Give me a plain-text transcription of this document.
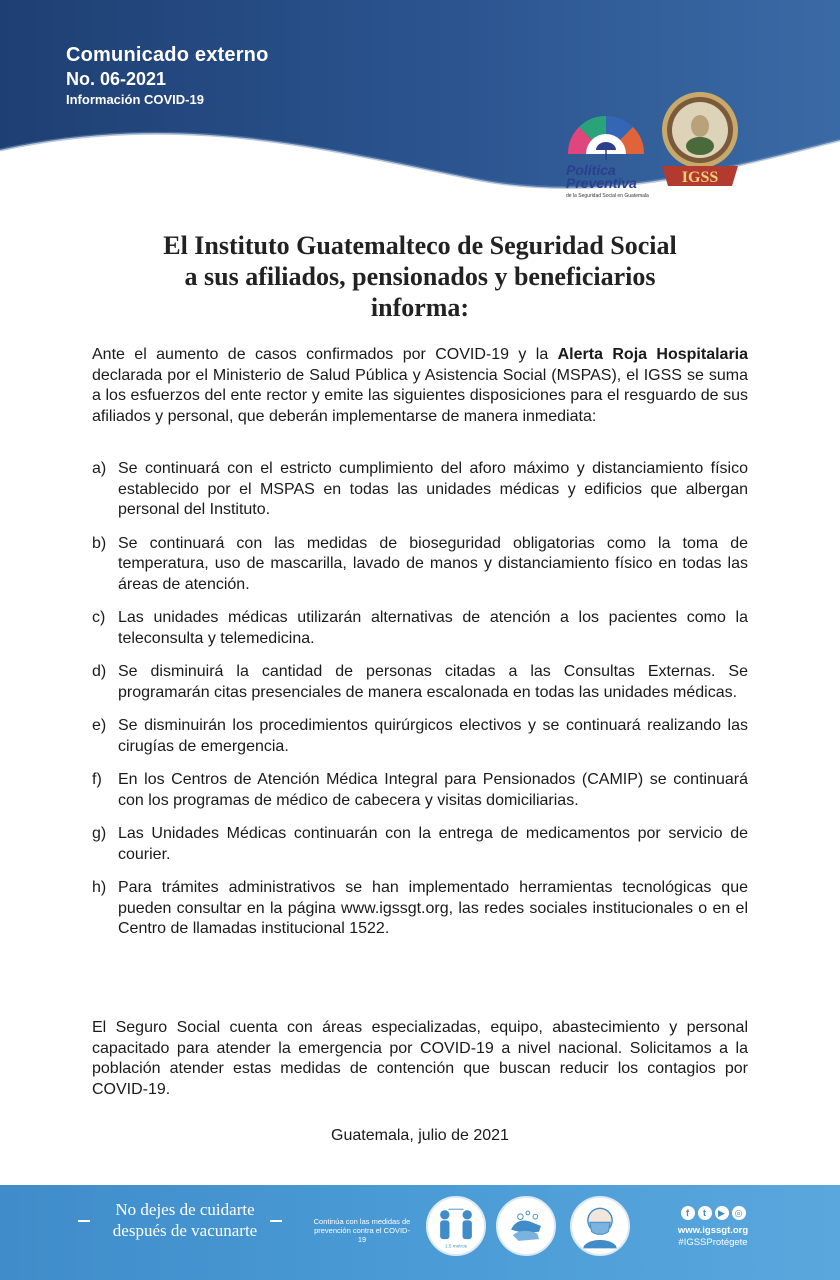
Comunicado externo
No. 06-2021
Información COVID-19
Política
Preventiva
de la Seguridad Social en Guatemala
IGSS
El Instituto Guatemalteco de Seguridad Social
a sus afiliados, pensionados y beneficiarios
informa:
Ante el aumento de casos confirmados por COVID-19 y la Alerta Roja Hospitalaria declarada por el Ministerio de Salud Pública y Asistencia Social (MSPAS), el IGSS se suma a los esfuerzos del ente rector y emite las siguientes disposiciones para el resguardo de sus afiliados y personal, que deberán implementarse de manera inmediata:
a) Se continuará con el estricto cumplimiento del aforo máximo y distanciamiento físico establecido por el MSPAS en todas las unidades médicas y edificios que albergan personal del Instituto.
b) Se continuará con las medidas de bioseguridad obligatorias como la toma de temperatura, uso de mascarilla, lavado de manos y distanciamiento físico en todas las áreas de atención.
c) Las unidades médicas utilizarán alternativas de atención a los pacientes como la teleconsulta y telemedicina.
d) Se disminuirá la cantidad de personas citadas a las Consultas Externas. Se programarán citas presenciales de manera escalonada en todas las unidades médicas.
e) Se disminuirán los procedimientos quirúrgicos electivos y se continuará realizando las cirugías de emergencia.
f) En los Centros de Atención Médica Integral para Pensionados (CAMIP) se continuará con los programas de médico de cabecera y visitas domiciliarias.
g) Las Unidades Médicas continuarán con la entrega de medicamentos por servicio de courier.
h) Para trámites administrativos se han implementado herramientas tecnológicas que pueden consultar en la página www.igssgt.org, las redes sociales institucionales o en el Centro de llamadas institucional 1522.
El Seguro Social cuenta con áreas especializadas, equipo, abastecimiento y personal capacitado para atender la emergencia por COVID-19 a nivel nacional. Solicitamos a la población atender estas medidas de contención que buscan reducir los contagios por COVID-19.
Guatemala, julio de 2021
No dejes de cuidarte
después de vacunarte	Continúa con las medidas de prevención contra el COVID-19
1.5 metros
f	t	▶	◎
www.igssgt.org
#IGSSProtégete
